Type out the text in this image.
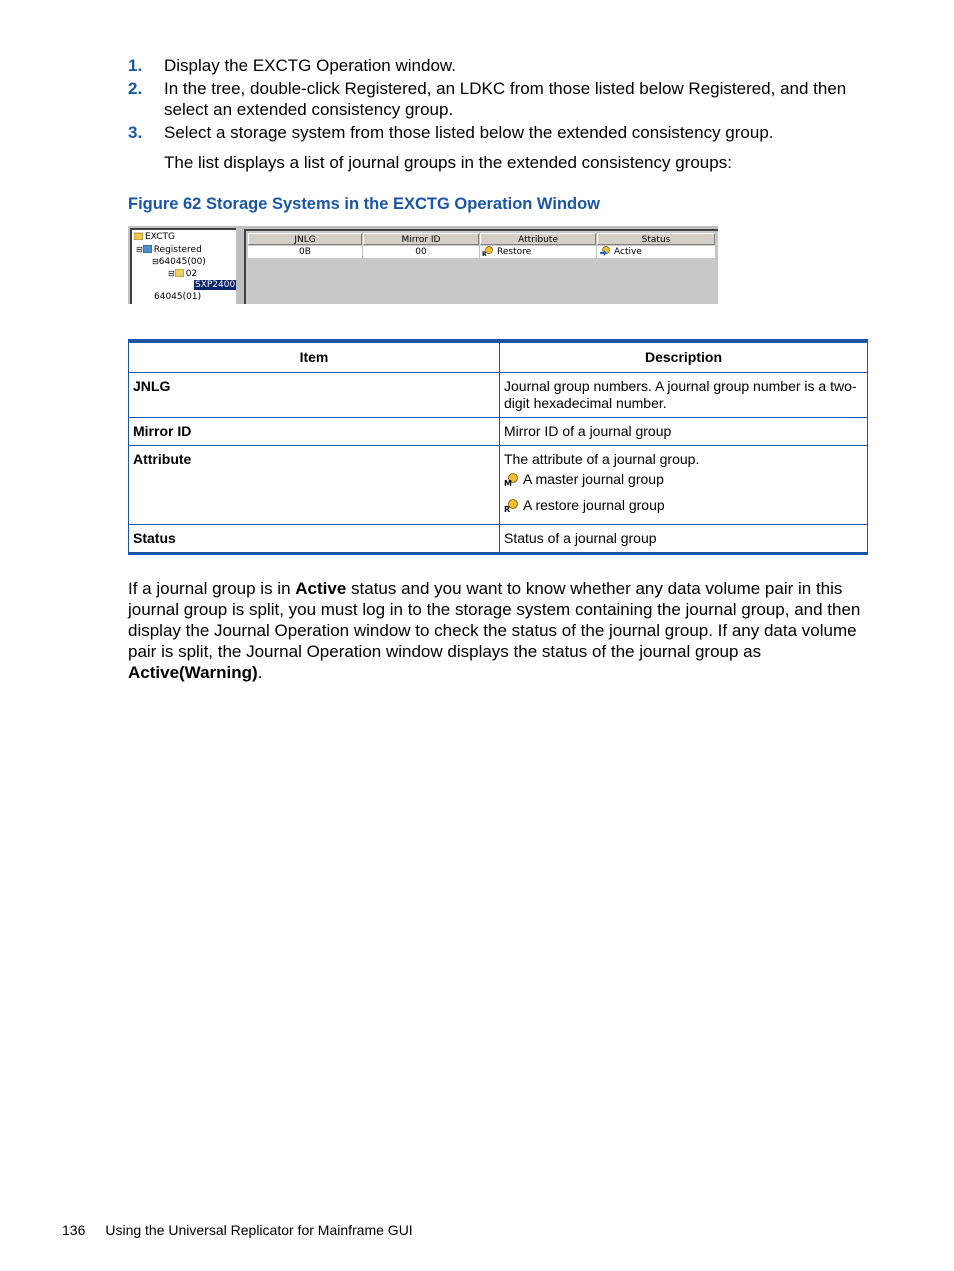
1. Display the EXCTG Operation window.
2. In the tree, double-click Registered, an LDKC from those listed below Registered, and then select an extended consistency group.
3. Select a storage system from those listed below the extended consistency group.
The list displays a list of journal groups in the extended consistency groups:
Figure 62 Storage Systems in the EXCTG Operation Window
EXCTG
⊟ Registered
⊟64045(00)
⊟ 02
SXP2400
64045(01)
JNLG	Mirror ID	Attribute	Status
0B	00	R Restore	Active
Item	Description
JNLG	Journal group numbers. A journal group number is a two-digit hexadecimal number.
Mirror ID	Mirror ID of a journal group
Attribute	The attribute of a journal group.
M A master journal group
R A restore journal group

Status	Status of a journal group
If a journal group is in Active status and you want to know whether any data volume pair in this journal group is split, you must log in to the storage system containing the journal group, and then display the Journal Operation window to check the status of the journal group. If any data volume pair is split, the Journal Operation window displays the status of the journal group as Active(Warning).
136 Using the Universal Replicator for Mainframe GUI
